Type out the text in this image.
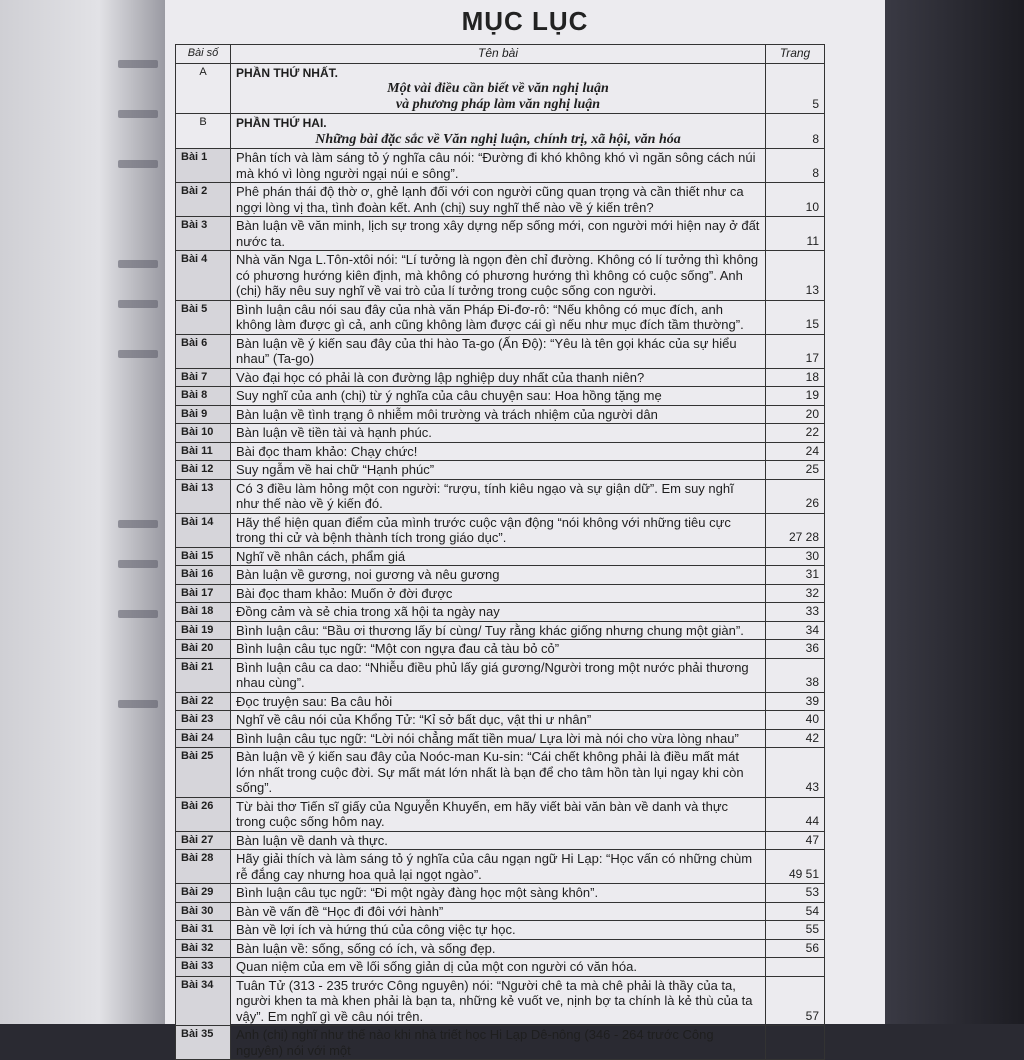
MỤC LỤC
Bài số	Tên bài	Trang
A	PHẦN THỨ NHẤT.
Một vài điều cần biết về văn nghị luận
và phương pháp làm văn nghị luận	5
B	PHẦN THỨ HAI.
Những bài đặc sắc về Văn nghị luận, chính trị, xã hội, văn hóa	8
Bài 1	Phân tích và làm sáng tỏ ý nghĩa câu nói: “Đường đi khó không khó vì ngăn sông cách núi mà khó vì lòng người ngại núi e sông”.	8
Bài 2	Phê phán thái độ thờ ơ, ghẻ lạnh đối với con người cũng quan trọng và cần thiết như ca ngợi lòng vị tha, tình đoàn kết. Anh (chị) suy nghĩ thế nào về ý kiến trên?	10
Bài 3	Bàn luận về văn minh, lịch sự trong xây dựng nếp sống mới, con người mới hiện nay ở đất nước ta.	11
Bài 4	Nhà văn Nga L.Tôn-xtôi nói: “Lí tưởng là ngọn đèn chỉ đường. Không có lí tưởng thì không có phương hướng kiên định, mà không có phương hướng thì không có cuộc sống”. Anh (chị) hãy nêu suy nghĩ về vai trò của lí tưởng trong cuộc sống con người.	13
Bài 5	Bình luận câu nói sau đây của nhà văn Pháp Đi-đơ-rô: “Nếu không có mục đích, anh không làm được gì cả, anh cũng không làm được cái gì nếu như mục đích tầm thường”.	15
Bài 6	Bàn luận về ý kiến sau đây của thi hào Ta-go (Ấn Độ): “Yêu là tên gọi khác của sự hiểu nhau” (Ta-go)	17
Bài 7	Vào đại học có phải là con đường lập nghiệp duy nhất của thanh niên?	18
Bài 8	Suy nghĩ của anh (chị) từ ý nghĩa của câu chuyện sau: Hoa hồng tặng mẹ	19
Bài 9	Bàn luận về tình trạng ô nhiễm môi trường và trách nhiệm của người dân	20
Bài 10	Bàn luận về tiền tài và hạnh phúc.	22
Bài 11	Bài đọc tham khảo: Chạy chức!	24
Bài 12	Suy ngẫm về hai chữ “Hạnh phúc”	25
Bài 13	Có 3 điều làm hỏng một con người: “rượu, tính kiêu ngạo và sự giận dữ”. Em suy nghĩ như thế nào về ý kiến đó.	26
Bài 14	Hãy thể hiện quan điểm của mình trước cuộc vận động “nói không với những tiêu cực trong thi cử và bệnh thành tích trong giáo dục”.	27 28
Bài 15	Nghĩ về nhân cách, phẩm giá	30
Bài 16	Bàn luận về gương, noi gương và nêu gương	31
Bài 17	Bài đọc tham khảo: Muốn ở đời được	32
Bài 18	Đồng cảm và sẻ chia trong xã hội ta ngày nay	33
Bài 19	Bình luận câu: “Bầu ơi thương lấy bí cùng/ Tuy rằng khác giống nhưng chung một giàn”.	34
Bài 20	Bình luận câu tục ngữ: “Một con ngựa đau cả tàu bỏ cỏ”	36
Bài 21	Bình luận câu ca dao: “Nhiễu điều phủ lấy giá gương/Người trong một nước phải thương nhau cùng”.	38
Bài 22	Đọc truyện sau: Ba câu hỏi	39
Bài 23	Nghĩ về câu nói của Khổng Tử: “Kỉ sở bất dục, vật thi ư nhân”	40
Bài 24	Bình luận câu tục ngữ: “Lời nói chẳng mất tiền mua/ Lựa lời mà nói cho vừa lòng nhau”	42
Bài 25	Bàn luận về ý kiến sau đây của Noóc-man Ku-sin: “Cái chết không phải là điều mất mát lớn nhất trong cuộc đời. Sự mất mát lớn nhất là bạn để cho tâm hồn tàn lụi ngay khi còn sống”.	43
Bài 26	Từ bài thơ Tiến sĩ giấy của Nguyễn Khuyến, em hãy viết bài văn bàn về danh và thực trong cuộc sống hôm nay.	44
Bài 27	Bàn luận về danh và thực.	47
Bài 28	Hãy giải thích và làm sáng tỏ ý nghĩa của câu ngạn ngữ Hi Lạp: “Học vấn có những chùm rễ đắng cay nhưng hoa quả lại ngọt ngào”.	49 51
Bài 29	Bình luận câu tục ngữ: “Đi một ngày đàng học một sàng khôn”.	53
Bài 30	Bàn về vấn đề “Học đi đôi với hành”	54
Bài 31	Bàn về lợi ích và hứng thú của công việc tự học.	55
Bài 32	Bàn luận về: sống, sống có ích, và sống đẹp.	56
Bài 33	Quan niệm của em về lối sống giản dị của một con người có văn hóa.	
Bài 34	Tuân Tử (313 - 235 trước Công nguyên) nói: “Người chê ta mà chê phải là thầy của ta, người khen ta mà khen phải là bạn ta, những kẻ vuốt ve, nịnh bợ ta chính là kẻ thù của ta vậy”. Em nghĩ gì về câu nói trên.	57
Bài 35	Anh (chị) nghĩ như thế nào khi nhà triết học Hi Lạp Dê-nông (346 - 264 trước Công nguyên) nói với một	
